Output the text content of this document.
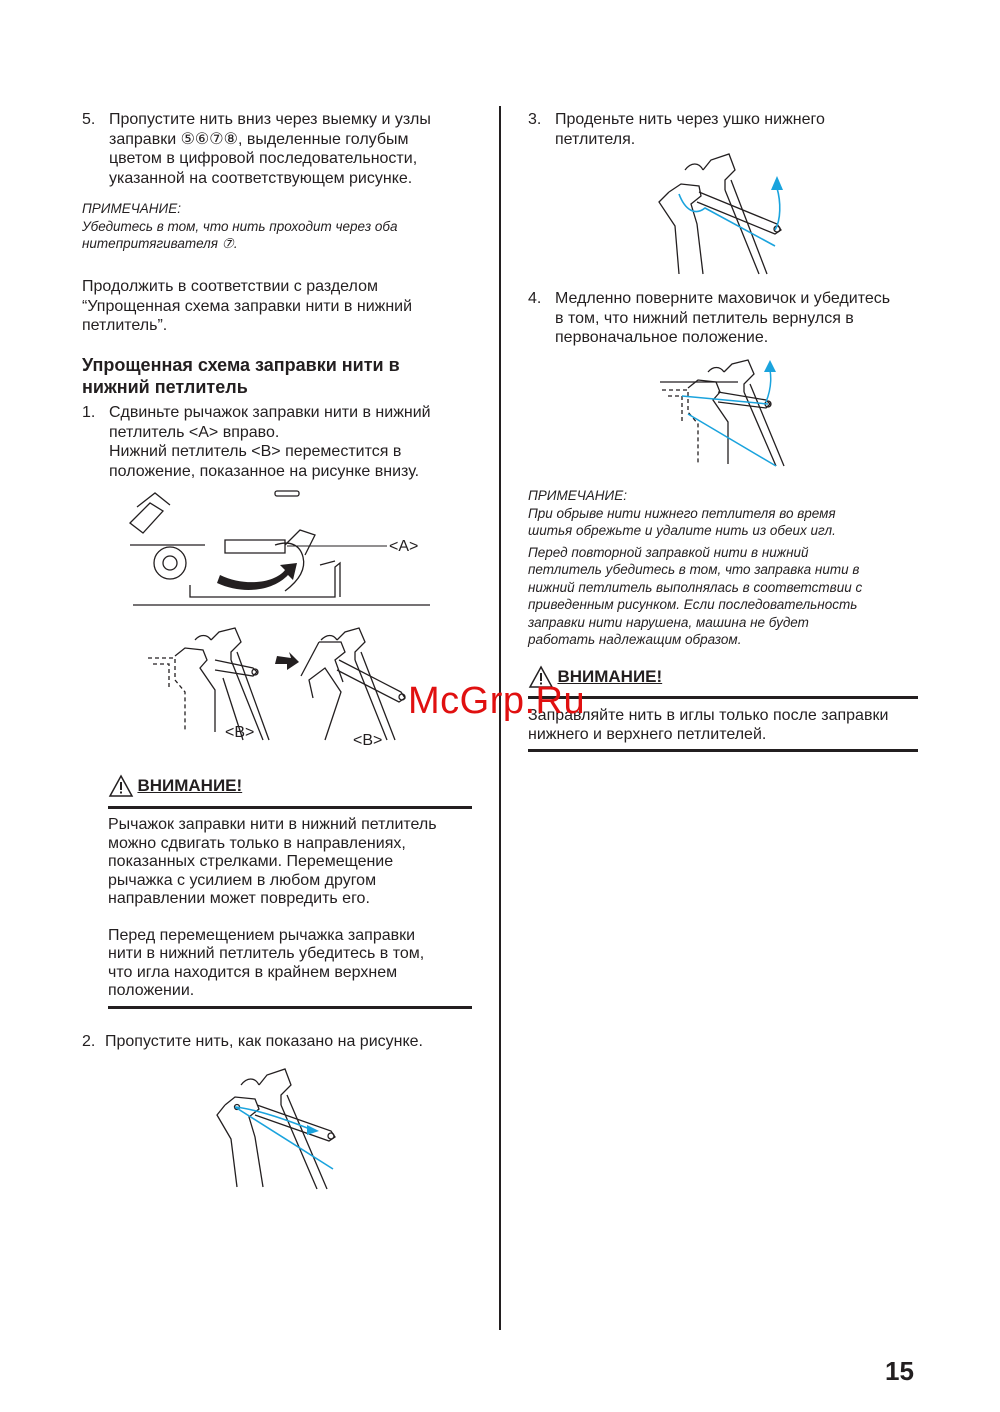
5. Пропустите нить вниз через выемку и узлы

заправки ⑤⑥⑦⑧, выделенные голубым

цветом в цифровой последовательности,

указанной на соответствующем рисунке.

ПРИМЕЧАНИЕ:

Убедитесь в том, что нить проходит через оба

нитепритягивателя ⑦.

Продолжить в соответствии с разделом

“Упрощенная схема заправки нити в нижний

петлитель”.

Упрощенная схема заправки нити в

нижний петлитель

1. Сдвиньте рычажок заправки нити в нижний

петлитель <A> вправо.

Нижний петлитель <B> переместится в

положение, показанное на рисунке внизу.

<A>
<B>	<B>
ВНИМАНИЕ!

Рычажок заправки нити в нижний петлитель

можно сдвигать только в направлениях,

показанных стрелками. Перемещение

рычажка с усилием в любом другом

направлении может повредить его.

Перед перемещением рычажка заправки

нити в нижний петлитель убедитесь в том,

что игла находится в крайнем верхнем

положении.

2. Пропустите нить, как показано на рисунке.

3. Проденьте нить через ушко нижнего

петлителя.

4. Медленно поверните маховичок и убедитесь

в том, что нижний петлитель вернулся в

первоначальное положение.

ПРИМЕЧАНИЕ:

При обрыве нити нижнего петлителя во время

шитья обрежьте и удалите нить из обеих игл.

Перед повторной заправкой нити в нижний

петлитель убедитесь в том, что заправка нити в

нижний петлитель выполнялась в соответствии с

приведенным рисунком. Если последовательность

заправки нити нарушена, машина не будет

работать надлежащим образом.

ВНИМАНИЕ!

Заправляйте нить в иглы только после заправки

нижнего и верхнего петлителей.

McGrp.Ru
15
